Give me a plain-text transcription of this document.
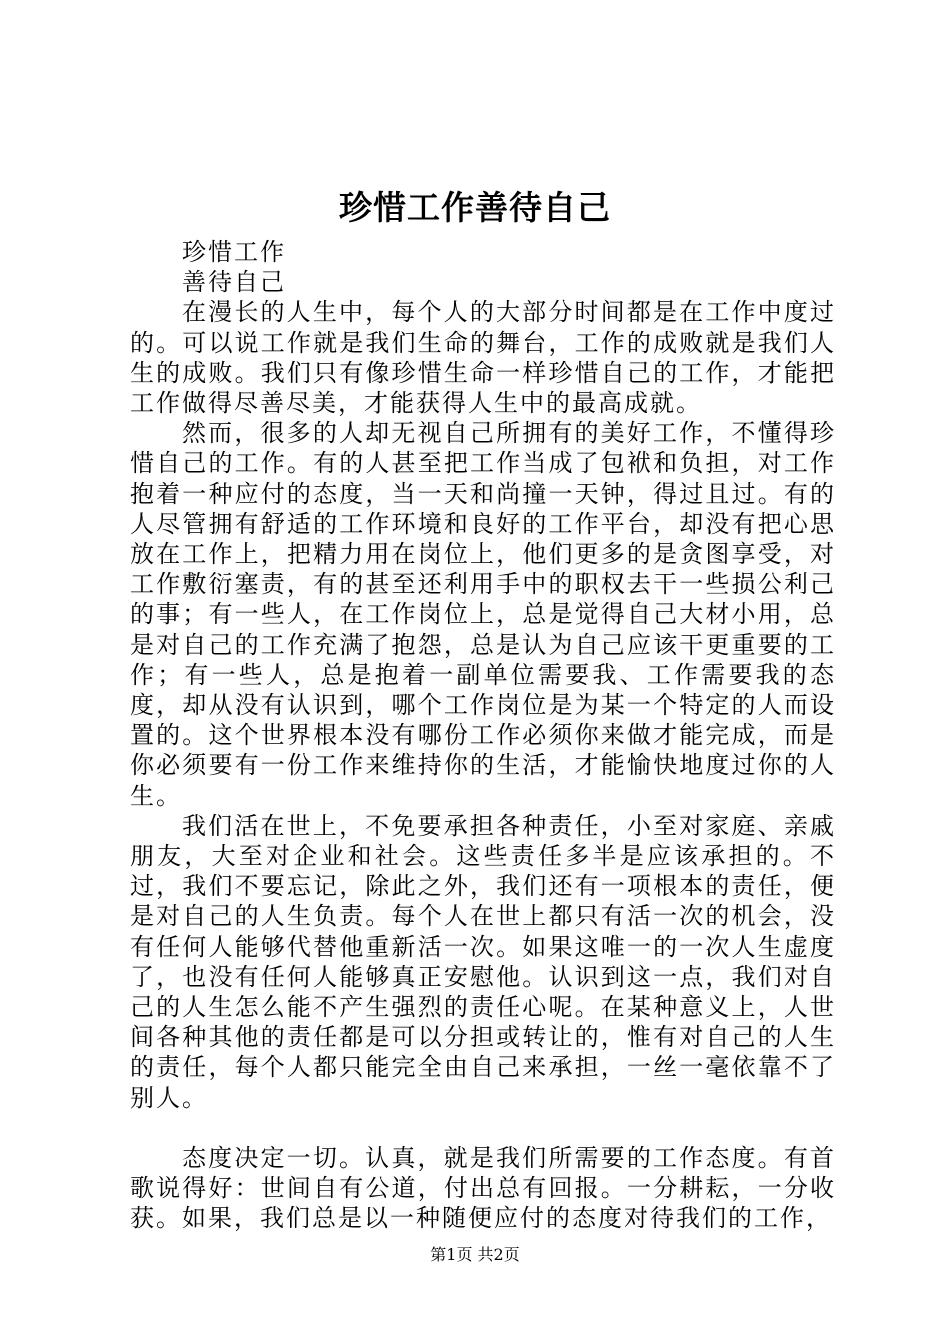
珍惜工作善待自己

珍惜工作

善待自己

在漫长的人生中，每个人的大部分时间都是在工作中度过的。可以说工作就是我们生命的舞台，工作的成败就是我们人生的成败。我们只有像珍惜生命一样珍惜自己的工作，才能把工作做得尽善尽美，才能获得人生中的最高成就。

然而，很多的人却无视自己所拥有的美好工作，不懂得珍惜自己的工作。有的人甚至把工作当成了包袱和负担，对工作抱着一种应付的态度，当一天和尚撞一天钟，得过且过。有的人尽管拥有舒适的工作环境和良好的工作平台，却没有把心思放在工作上，把精力用在岗位上，他们更多的是贪图享受，对工作敷衍塞责，有的甚至还利用手中的职权去干一些损公利己的事；有一些人，在工作岗位上，总是觉得自己大材小用，总是对自己的工作充满了抱怨，总是认为自己应该干更重要的工作；有一些人，总是抱着一副单位需要我、工作需要我的态度，却从没有认识到，哪个工作岗位是为某一个特定的人而设置的。这个世界根本没有哪份工作必须你来做才能完成，而是你必须要有一份工作来维持你的生活，才能愉快地度过你的人生。

我们活在世上，不免要承担各种责任，小至对家庭、亲戚朋友，大至对企业和社会。这些责任多半是应该承担的。不过，我们不要忘记，除此之外，我们还有一项根本的责任，便是对自己的人生负责。每个人在世上都只有活一次的机会，没有任何人能够代替他重新活一次。如果这唯一的一次人生虚度了，也没有任何人能够真正安慰他。认识到这一点，我们对自己的人生怎么能不产生强烈的责任心呢。在某种意义上，人世间各种其他的责任都是可以分担或转让的，惟有对自己的人生的责任，每个人都只能完全由自己来承担，一丝一毫依靠不了别人。

态度决定一切。认真，就是我们所需要的工作态度。有首歌说得好：世间自有公道，付出总有回报。一分耕耘，一分收获。如果，我们总是以一种随便应付的态度对待我们的工作，

第1页 共2页
